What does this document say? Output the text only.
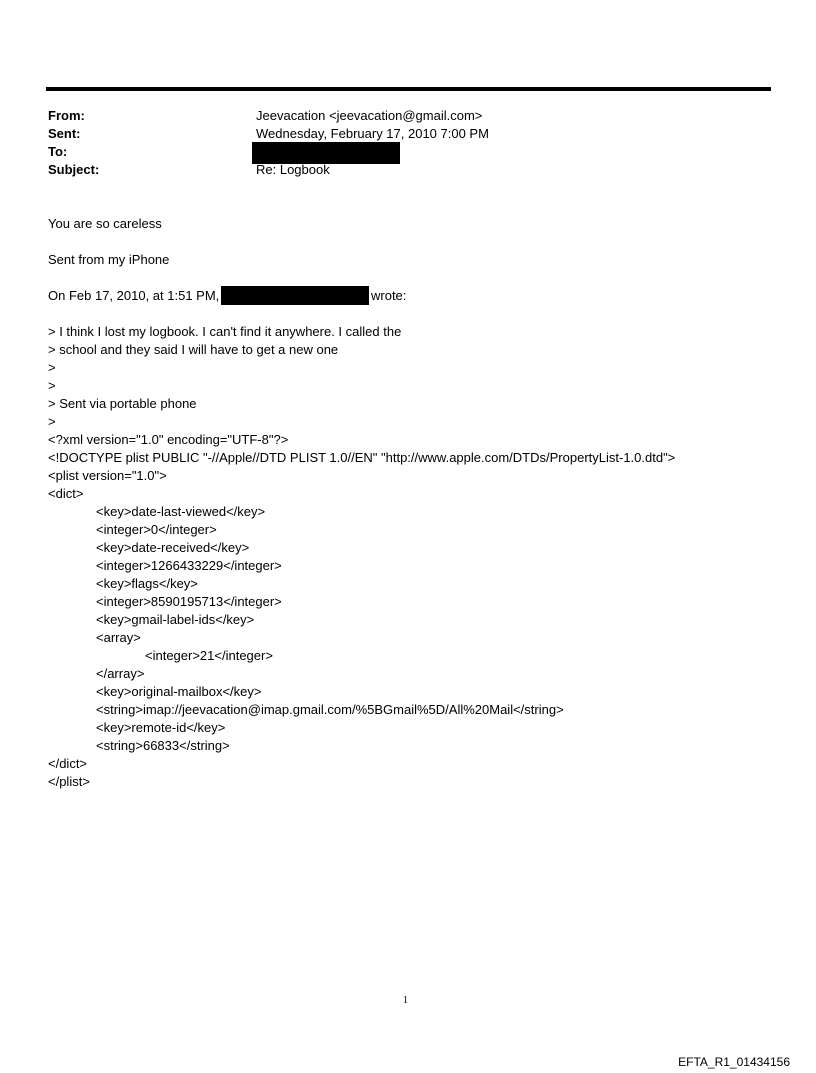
From:	Jeevacation <jeevacation@gmail.com>
Sent:	Wednesday, February 17, 2010 7:00 PM
To:
Subject:	Re: Logbook
You are so careless
Sent from my iPhone
On Feb 17, 2010, at 1:51 PM,	wrote:
> I think I lost my logbook. I can't find it anywhere. I called the
> school and they said I will have to get a new one
>
>
> Sent via portable phone
>
<?xml version="1.0" encoding="UTF-8"?>
<!DOCTYPE plist PUBLIC "-//Apple//DTD PLIST 1.0//EN" "http://www.apple.com/DTDs/PropertyList-1.0.dtd">
<plist version="1.0">
<dict>
<key>date-last-viewed</key>
<integer>0</integer>
<key>date-received</key>
<integer>1266433229</integer>
<key>flags</key>
<integer>8590195713</integer>
<key>gmail-label-ids</key>
<array>
<integer>21</integer>
</array>
<key>original-mailbox</key>
<string>imap://jeevacation@imap.gmail.com/%5BGmail%5D/All%20Mail</string>
<key>remote-id</key>
<string>66833</string>
</dict>
</plist>
1
EFTA_R1_01434156
